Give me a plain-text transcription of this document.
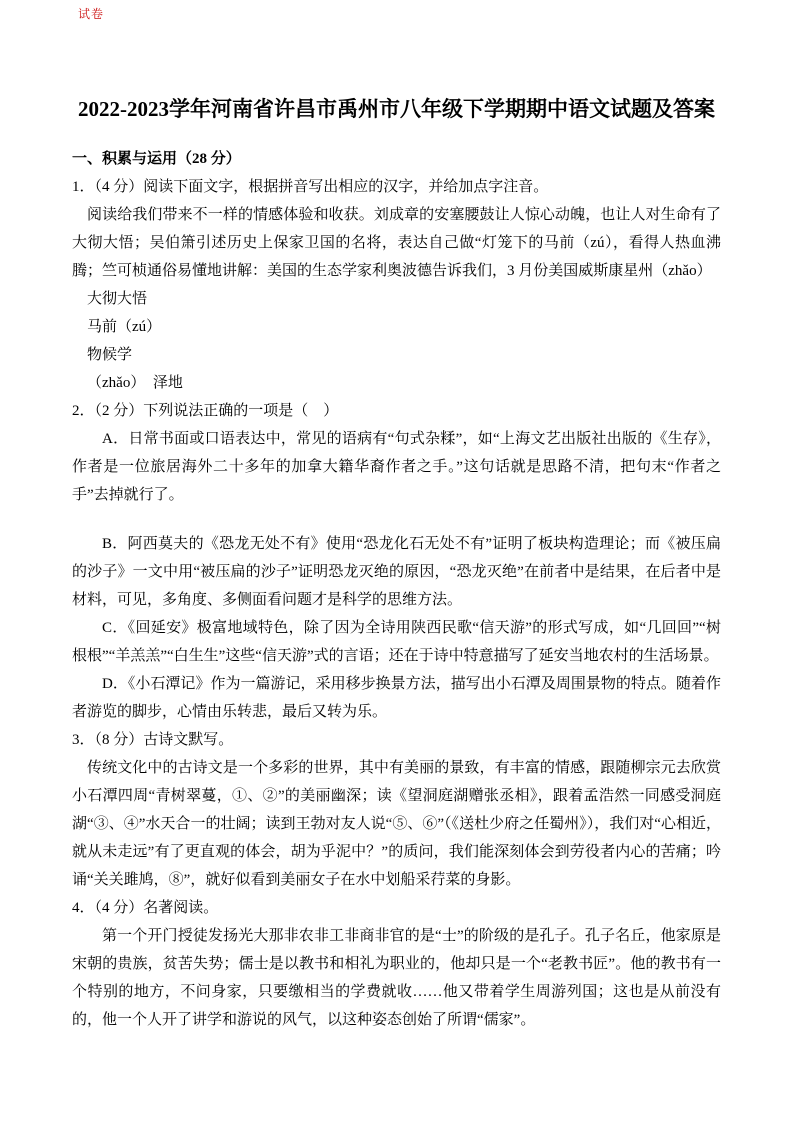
试卷
2022-2023学年河南省许昌市禹州市八年级下学期期中语文试题及答案

一、积累与运用（28 分）

1．（4 分）阅读下面文字，根据拼音写出相应的汉字，并给加点字注音。

阅读给我们带来不一样的情感体验和收获。刘成章的安塞腰鼓让人惊心动魄，也让人对生命有了大彻大悟；吴伯箫引述历史上保家卫国的名将，表达自己做“灯笼下的马前（zú），看得人热血沸腾；竺可桢通俗易懂地讲解：美国的生态学家利奥波德告诉我们，3 月份美国威斯康星州（zhǎo）

大彻大悟

马前（zú）

物候学

（zhǎo）　泽地

2．（2 分）下列说法正确的一项是（　）

A．日常书面或口语表达中，常见的语病有“句式杂糅”，如“上海文艺出版社出版的《生存》，作者是一位旅居海外二十多年的加拿大籍华裔作者之手。”这句话就是思路不清，把句末“作者之手”去掉就行了。

B．阿西莫夫的《恐龙无处不有》使用“恐龙化石无处不有”证明了板块构造理论；而《被压扁的沙子》一文中用“被压扁的沙子”证明恐龙灭绝的原因，“恐龙灭绝”在前者中是结果，在后者中是材料，可见，多角度、多侧面看问题才是科学的思维方法。

C．《回延安》极富地域特色，除了因为全诗用陕西民歌“信天游”的形式写成，如“几回回”“树根根”“羊羔羔”“白生生”这些“信天游”式的言语；还在于诗中特意描写了延安当地农村的生活场景。

D．《小石潭记》作为一篇游记，采用移步换景方法，描写出小石潭及周围景物的特点。随着作者游览的脚步，心情由乐转悲，最后又转为乐。

3．（8 分）古诗文默写。

传统文化中的古诗文是一个多彩的世界，其中有美丽的景致，有丰富的情感，跟随柳宗元去欣赏小石潭四周“青树翠蔓，①、②”的美丽幽深；读《望洞庭湖赠张丞相》，跟着孟浩然一同感受洞庭湖“③、④”水天合一的壮阔；读到王勃对友人说“⑤、⑥”（《送杜少府之任蜀州》），我们对“心相近，就从未走远”有了更直观的体会，胡为乎泥中？”的质问，我们能深刻体会到劳役者内心的苦痛；吟诵“关关雎鸠，⑧”，就好似看到美丽女子在水中划船采荇菜的身影。

4．（4 分）名著阅读。

第一个开门授徒发扬光大那非农非工非商非官的是“士”的阶级的是孔子。孔子名丘，他家原是宋朝的贵族，贫苦失势；儒士是以教书和相礼为职业的，他却只是一个“老教书匠”。他的教书有一个特别的地方，不问身家，只要缴相当的学费就收……他又带着学生周游列国；这也是从前没有的，他一个人开了讲学和游说的风气，以这种姿态创始了所谓“儒家”。
